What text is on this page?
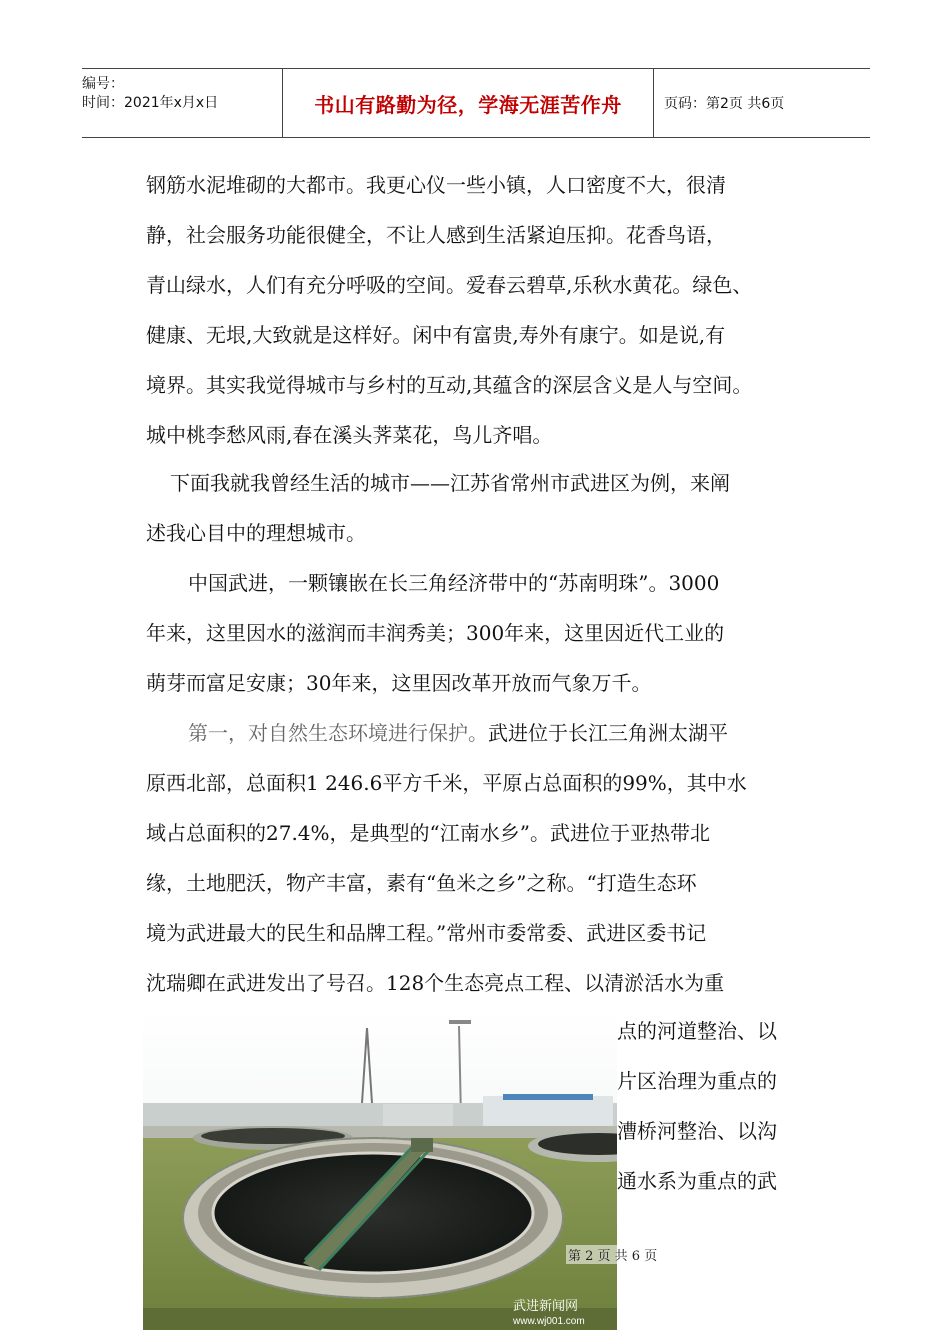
编号：
时间：2021年x月x日	书山有路勤为径，学海无涯苦作舟	页码：第2页 共6页
钢筋水泥堆砌的大都市。我更心仪一些小镇，人口密度不大，很清
静，社会服务功能很健全，不让人感到生活紧迫压抑。花香鸟语，
青山绿水，人们有充分呼吸的空间。爱春云碧草,乐秋水黄花。绿色、
健康、无垠,大致就是这样好。闲中有富贵,寿外有康宁。如是说,有
境界。其实我觉得城市与乡村的互动,其蕴含的深层含义是人与空间。
城中桃李愁风雨,春在溪头荠菜花，鸟儿齐唱。
下面我就我曾经生活的城市——江苏省常州市武进区为例，来阐
述我心目中的理想城市。
中国武进，一颗镶嵌在长三角经济带中的“苏南明珠”。3000
年来，这里因水的滋润而丰润秀美；300年来，这里因近代工业的
萌芽而富足安康；30年来，这里因改革开放而气象万千。
第一，对自然生态环境进行保护。武进位于长江三角洲太湖平
原西北部，总面积1 246.6平方千米，平原占总面积的99%，其中水
域占总面积的27.4%，是典型的“江南水乡”。武进位于亚热带北
缘，土地肥沃，物产丰富，素有“鱼米之乡”之称。“打造生态环
境为武进最大的民生和品牌工程。”常州市委常委、武进区委书记
沈瑞卿在武进发出了号召。128个生态亮点工程、以清淤活水为重
点的河道整治、以
片区治理为重点的
漕桥河整治、以沟
通水系为重点的武
武进新闻网
www.wj001.com
第 2 页 共 6 页
